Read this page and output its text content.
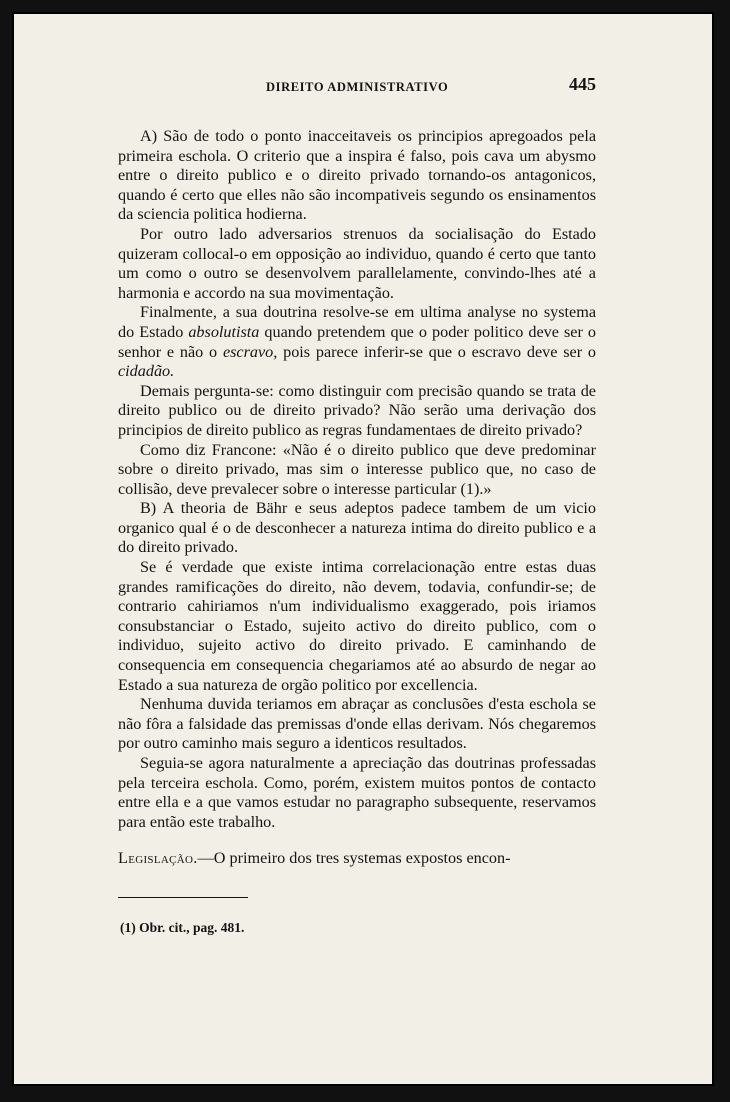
DIREITO ADMINISTRATIVO	445

A) São de todo o ponto inacceitaveis os principios apregoados pela primeira eschola. O criterio que a inspira é falso, pois cava um abysmo entre o direito publico e o direito privado tornando-os antagonicos, quando é certo que elles não são incompativeis segundo os ensinamentos da sciencia politica hodierna.

Por outro lado adversarios strenuos da socialisação do Estado quizeram collocal-o em opposição ao individuo, quando é certo que tanto um como o outro se desenvolvem parallelamente, convindo-lhes até a harmonia e accordo na sua movimentação.

Finalmente, a sua doutrina resolve-se em ultima analyse no systema do Estado absolutista quando pretendem que o poder politico deve ser o senhor e não o escravo, pois parece inferir-se que o escravo deve ser o cidadão.

Demais pergunta-se: como distinguir com precisão quando se trata de direito publico ou de direito privado? Não serão uma derivação dos principios de direito publico as regras fundamentaes de direito privado?

Como diz Francone: «Não é o direito publico que deve predominar sobre o direito privado, mas sim o interesse publico que, no caso de collisão, deve prevalecer sobre o interesse particular (1).»

B) A theoria de Bähr e seus adeptos padece tambem de um vicio organico qual é o de desconhecer a natureza intima do direito publico e a do direito privado.

Se é verdade que existe intima correlacionação entre estas duas grandes ramificações do direito, não devem, todavia, confundir-se; de contrario cahiriamos n'um individualismo exaggerado, pois iriamos consubstanciar o Estado, sujeito activo do direito publico, com o individuo, sujeito activo do direito privado. E caminhando de consequencia em consequencia chegariamos até ao absurdo de negar ao Estado a sua natureza de orgão politico por excellencia.

Nenhuma duvida teriamos em abraçar as conclusões d'esta eschola se não fôra a falsidade das premissas d'onde ellas derivam. Nós chegaremos por outro caminho mais seguro a identicos resultados.

Seguia-se agora naturalmente a apreciação das doutrinas professadas pela terceira eschola. Como, porém, existem muitos pontos de contacto entre ella e a que vamos estudar no paragrapho subsequente, reservamos para então este trabalho.

Legislação.—O primeiro dos tres systemas expostos encon-
(1) Obr. cit., pag. 481.
